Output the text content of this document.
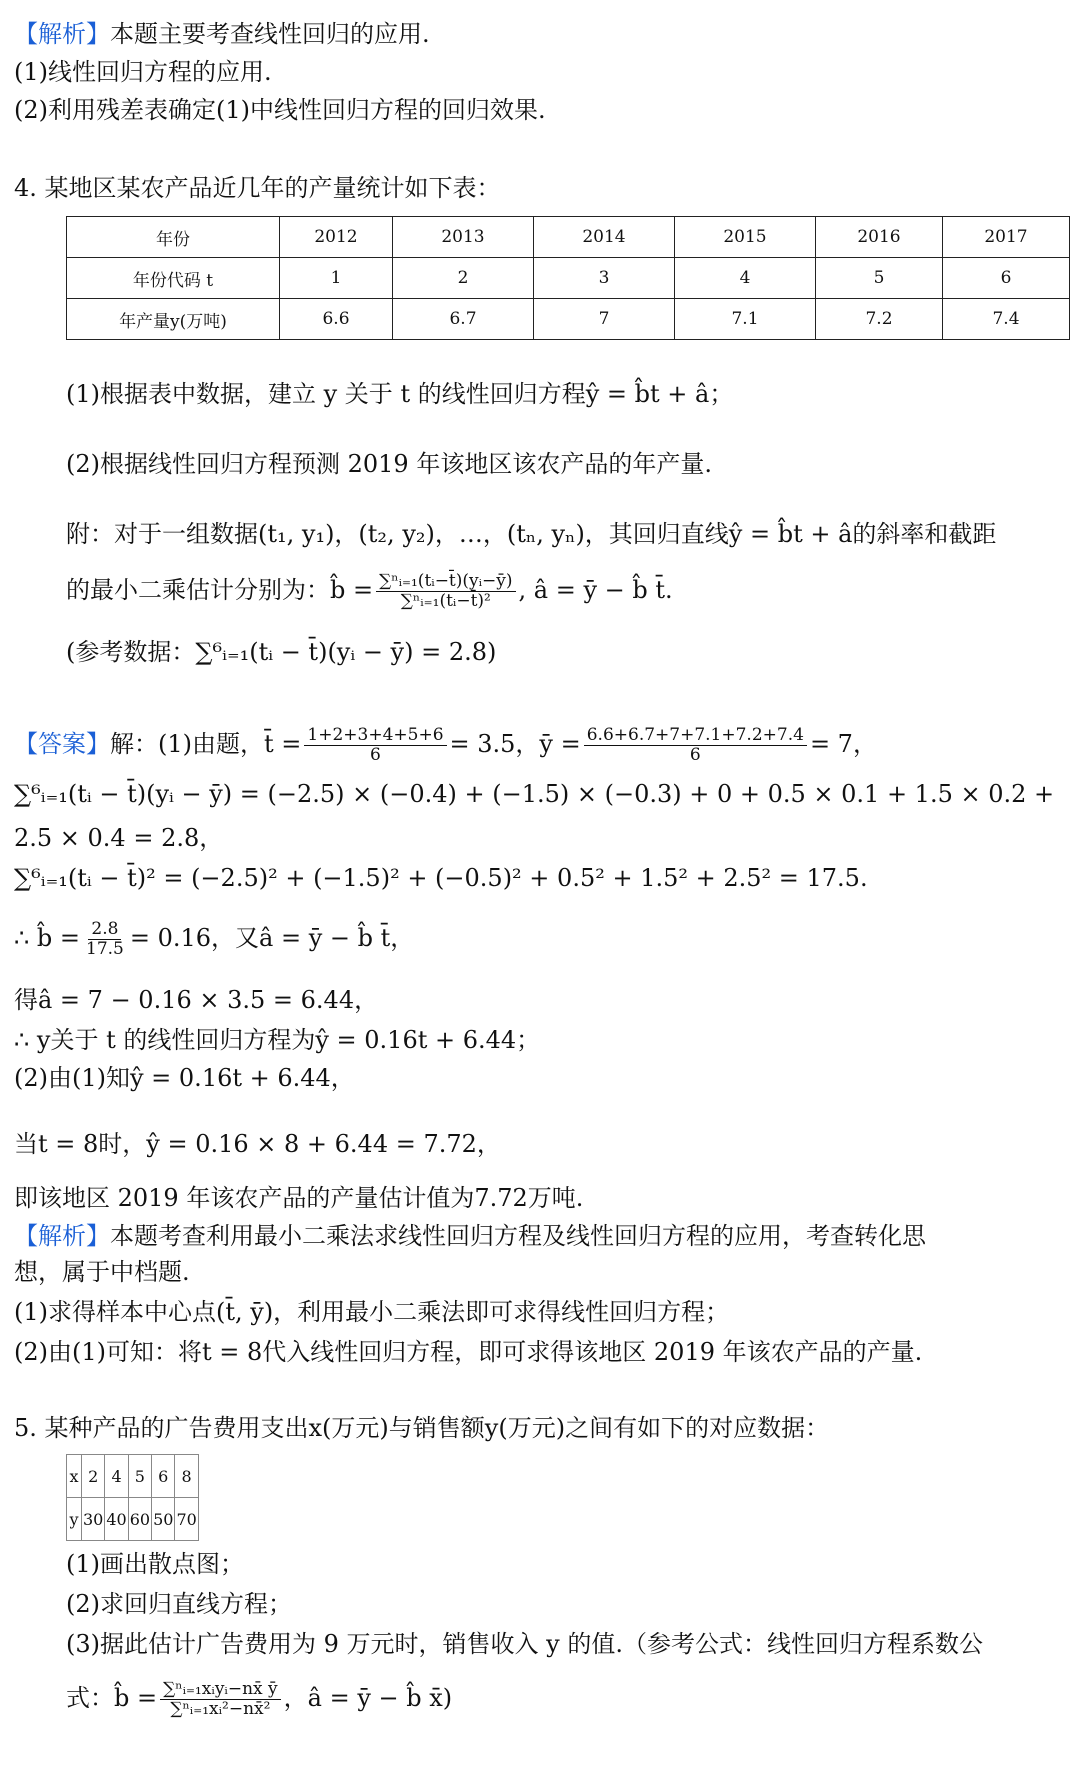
【解析】本题主要考查线性回归的应用.
(1)线性回归方程的应用.
(2)利用残差表确定(1)中线性回归方程的回归效果.
4. 某地区某农产品近几年的产量统计如下表：
年份	2012	2013	2014	2015	2016	2017
年份代码 t	1	2	3	4	5	6
年产量y(万吨)	6.6	6.7	7	7.1	7.2	7.4
(1)根据表中数据，建立 y 关于 t 的线性回归方程ŷ = b̂t + â；
(2)根据线性回归方程预测 2019 年该地区该农产品的年产量.
附：对于一组数据(t₁, y₁)，(t₂, y₂)，…，(tₙ, yₙ)，其回归直线ŷ = b̂t + â的斜率和截距
的最小二乘估计分别为：b̂ = $\frac{\text{∑ⁿᵢ₌₁(tᵢ−t̄)(yᵢ−ȳ)}}{\text{∑ⁿᵢ₌₁(tᵢ−t̄)²}}$ , â = ȳ − b̂ t̄.
(参考数据：∑⁶ᵢ₌₁(tᵢ − t̄)(yᵢ − ȳ) = 2.8)
【答案】解：(1)由题，t̄ = $\frac{1+2+3+4+5+6}{6} = 3.5$，ȳ = $\frac{6.6+6.7+7+7.1+7.2+7.4}{6} = 7$，
∑⁶ᵢ₌₁(tᵢ − t̄)(yᵢ − ȳ) = (−2.5) × (−0.4) + (−1.5) × (−0.3) + 0 + 0.5 × 0.1 + 1.5 × 0.2 +
2.5 × 0.4 = 2.8，
∑⁶ᵢ₌₁(tᵢ − t̄)² = (−2.5)² + (−1.5)² + (−0.5)² + 0.5² + 1.5² + 2.5² = 17.5.
∴ b̂ = $\frac{2.8}{17.5} = 0.16$，又â = ȳ − b̂ t̄，
得â = 7 − 0.16 × 3.5 = 6.44，
∴ y关于 t 的线性回归方程为ŷ = 0.16t + 6.44；
(2)由(1)知ŷ = 0.16t + 6.44，
当t = 8时，ŷ = 0.16 × 8 + 6.44 = 7.72，
即该地区 2019 年该农产品的产量估计值为7.72万吨.
【解析】本题考查利用最小二乘法求线性回归方程及线性回归方程的应用，考查转化思
想，属于中档题.
(1)求得样本中心点(t̄, ȳ)，利用最小二乘法即可求得线性回归方程；
(2)由(1)可知：将t = 8代入线性回归方程，即可求得该地区 2019 年该农产品的产量.
5. 某种产品的广告费用支出x(万元)与销售额y(万元)之间有如下的对应数据：
x	2	4	5	6	8
y	30	40	60	50	70
(1)画出散点图；
(2)求回归直线方程；
(3)据此估计广告费用为 9 万元时，销售收入 y 的值.（参考公式：线性回归方程系数公
式：b̂ = $\frac{\text{∑ⁿᵢ₌₁xᵢyᵢ−nx̄ ȳ}}{\text{∑ⁿᵢ₌₁xᵢ²−nx̄²}}$ ，â = ȳ − b̂ x̄)
